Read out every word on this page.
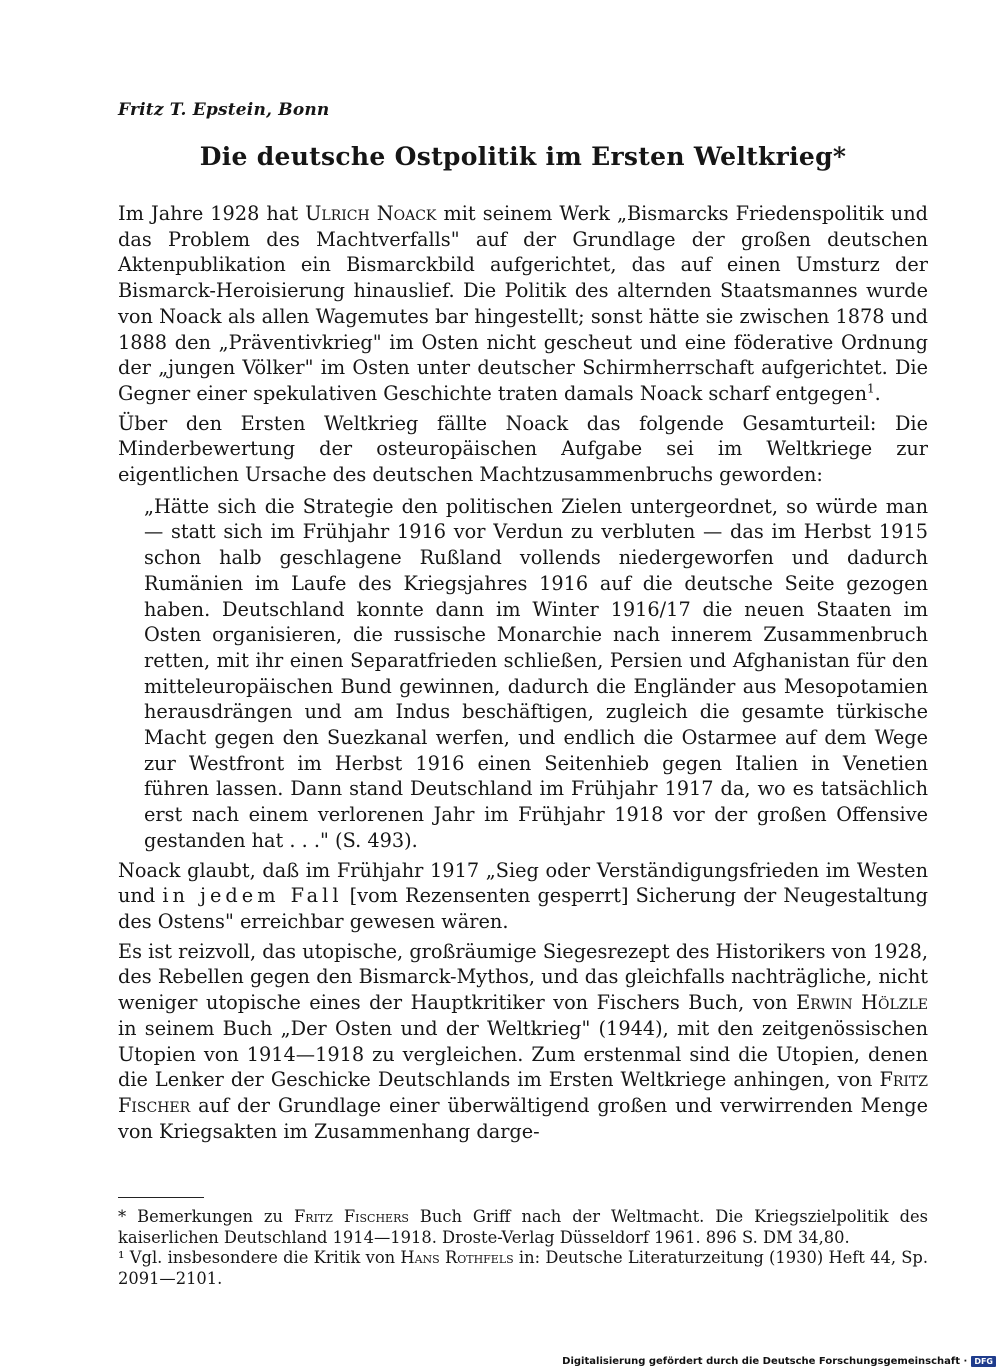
Fritz T. Epstein, Bonn
Die deutsche Ostpolitik im Ersten Weltkrieg*

Im Jahre 1928 hat Ulrich Noack mit seinem Werk „Bismarcks Friedenspolitik und das Problem des Machtverfalls" auf der Grundlage der großen deutschen Aktenpublikation ein Bismarckbild aufgerichtet, das auf einen Umsturz der Bismarck-Heroisierung hinauslief. Die Politik des alternden Staatsmannes wurde von Noack als allen Wagemutes bar hingestellt; sonst hätte sie zwischen 1878 und 1888 den „Präventivkrieg" im Osten nicht gescheut und eine föderative Ordnung der „jungen Völker" im Osten unter deutscher Schirmherrschaft aufgerichtet. Die Gegner einer spekulativen Geschichte traten damals Noack scharf entgegen$^1$.

Über den Ersten Weltkrieg fällte Noack das folgende Gesamturteil: Die Minderbewertung der osteuropäischen Aufgabe sei im Weltkriege zur eigentlichen Ursache des deutschen Machtzusammenbruchs geworden:

„Hätte sich die Strategie den politischen Zielen untergeordnet, so würde man — statt sich im Frühjahr 1916 vor Verdun zu verbluten — das im Herbst 1915 schon halb geschlagene Rußland vollends niedergeworfen und dadurch Rumänien im Laufe des Kriegsjahres 1916 auf die deutsche Seite gezogen haben. Deutschland konnte dann im Winter 1916/17 die neuen Staaten im Osten organisieren, die russische Monarchie nach innerem Zusammenbruch retten, mit ihr einen Separatfrieden schließen, Persien und Afghanistan für den mitteleuropäischen Bund gewinnen, dadurch die Engländer aus Mesopotamien herausdrängen und am Indus beschäftigen, zugleich die gesamte türkische Macht gegen den Suezkanal werfen, und endlich die Ostarmee auf dem Wege zur Westfront im Herbst 1916 einen Seitenhieb gegen Italien in Venetien führen lassen. Dann stand Deutschland im Frühjahr 1917 da, wo es tatsächlich erst nach einem verlorenen Jahr im Frühjahr 1918 vor der großen Offensive gestanden hat . . ." (S. 493).

Noack glaubt, daß im Frühjahr 1917 „Sieg oder Verständigungsfrieden im Westen und in jedem Fall [vom Rezensenten gesperrt] Sicherung der Neugestaltung des Ostens" erreichbar gewesen wären.

Es ist reizvoll, das utopische, großräumige Siegesrezept des Historikers von 1928, des Rebellen gegen den Bismarck-Mythos, und das gleichfalls nachträgliche, nicht weniger utopische eines der Hauptkritiker von Fischers Buch, von Erwin Hölzle in seinem Buch „Der Osten und der Weltkrieg" (1944), mit den zeitgenössischen Utopien von 1914—1918 zu vergleichen. Zum erstenmal sind die Utopien, denen die Lenker der Geschicke Deutschlands im Ersten Weltkriege anhingen, von Fritz Fischer auf der Grundlage einer überwältigend großen und verwirrenden Menge von Kriegsakten im Zusammenhang darge-

* Bemerkungen zu Fritz Fischers Buch Griff nach der Weltmacht. Die Kriegszielpolitik des kaiserlichen Deutschland 1914—1918. Droste-Verlag Düsseldorf 1961. 896 S. DM 34,80.

¹ Vgl. insbesondere die Kritik von Hans Rothfels in: Deutsche Literaturzeitung (1930) Heft 44, Sp. 2091—2101.

Digitalisierung gefördert durch die Deutsche Forschungsgemeinschaft · DFG
